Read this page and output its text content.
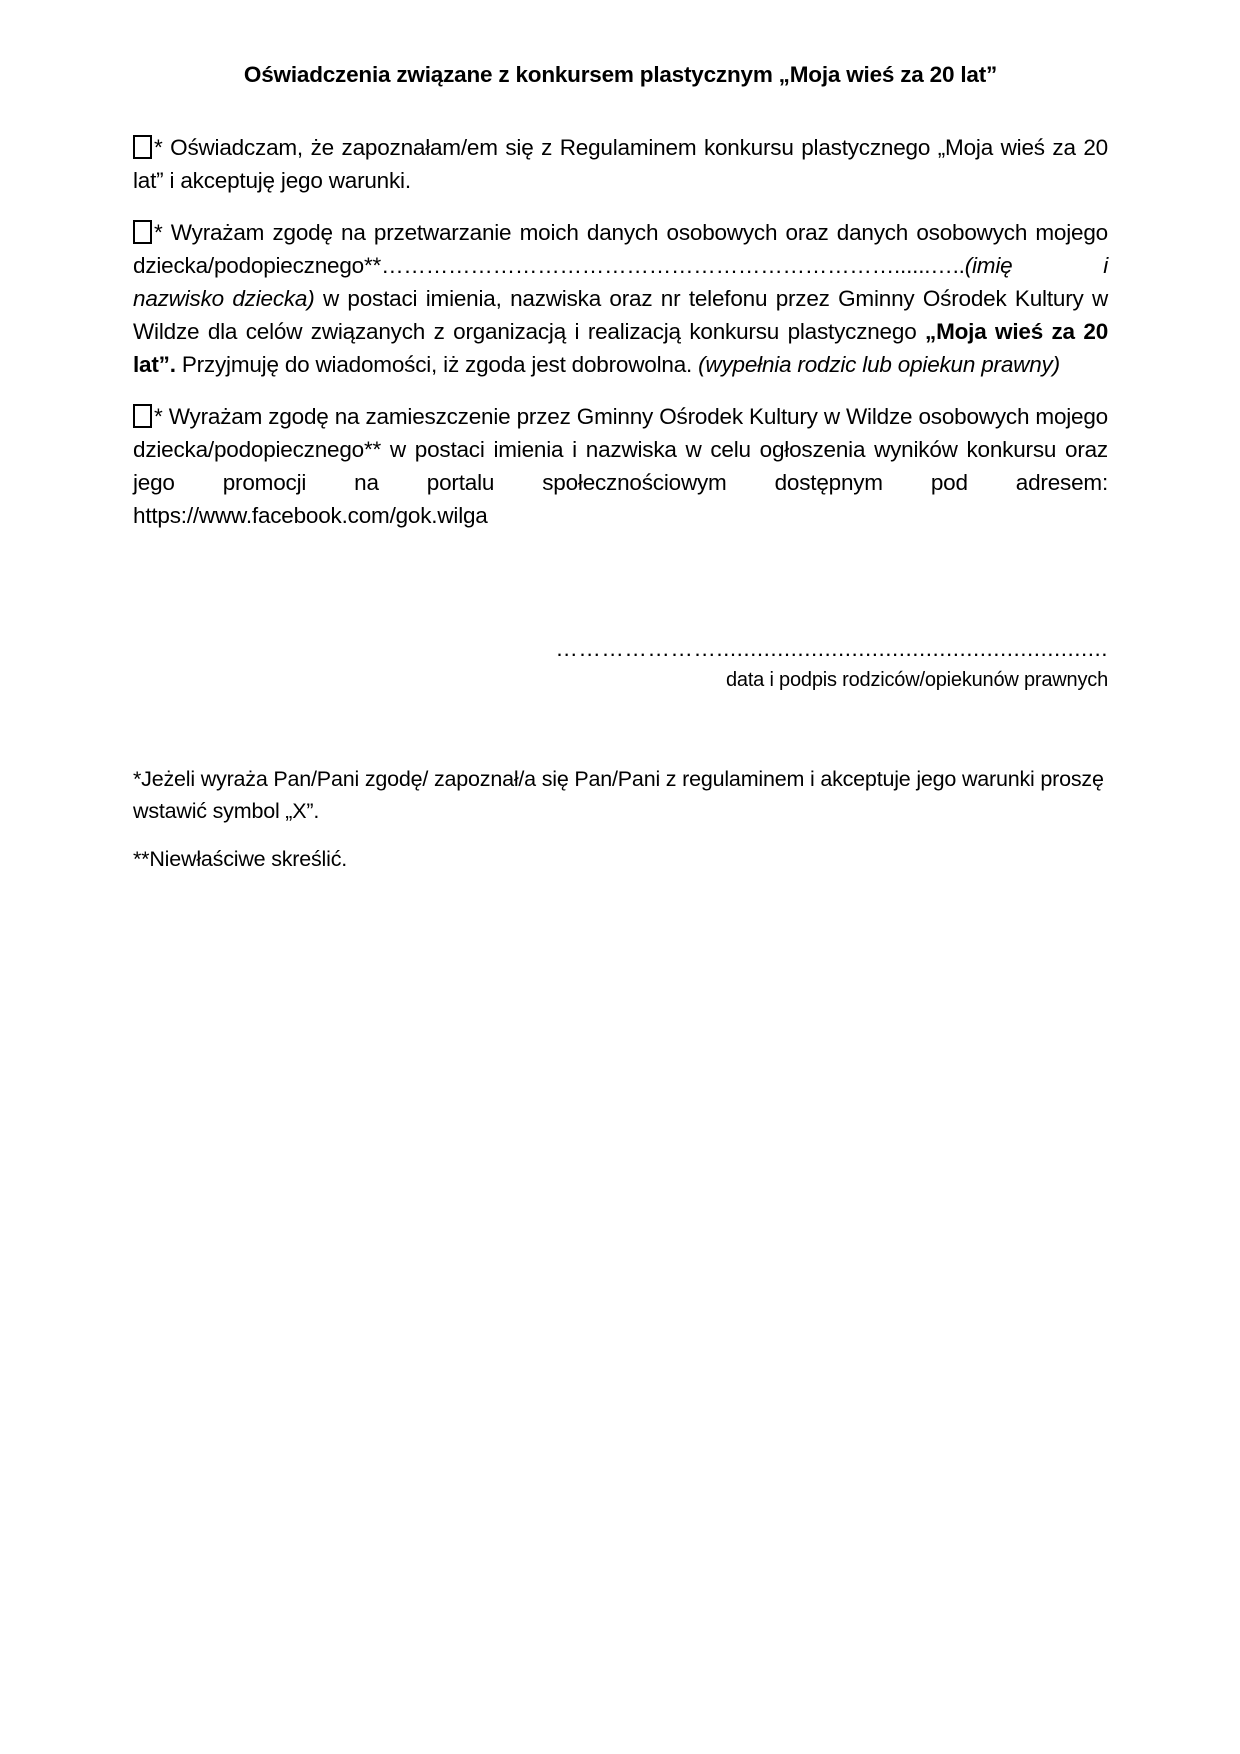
Oświadczenia związane z konkursem plastycznym „Moja wieś za 20 lat”

* Oświadczam, że zapoznałam/em się z Regulaminem konkursu plastycznego „Moja wieś za 20 lat” i akceptuję jego warunki.

* Wyrażam zgodę na przetwarzanie moich danych osobowych oraz danych osobowych mojego dziecka/podopiecznego**……………………………………………………………......…..(imię i nazwisko dziecka) w postaci imienia, nazwiska oraz nr telefonu przez Gminny Ośrodek Kultury w Wildze dla celów związanych z organizacją i realizacją konkursu plastycznego „Moja wieś za 20 lat”. Przyjmuję do wiadomości, iż zgoda jest dobrowolna. (wypełnia rodzic lub opiekun prawny)

* Wyrażam zgodę na zamieszczenie przez Gminny Ośrodek Kultury w Wildze osobowych mojego dziecka/podopiecznego** w postaci imienia i nazwiska w celu ogłoszenia wyników konkursu oraz jego promocji na portalu społecznościowym dostępnym pod adresem: https://www.facebook.com/gok.wilga

…………………..........................................................
data i podpis rodziców/opiekunów prawnych

*Jeżeli wyraża Pan/Pani zgodę/ zapoznał/a się Pan/Pani z regulaminem i akceptuje jego warunki proszę wstawić symbol „X”.

**Niewłaściwe skreślić.
